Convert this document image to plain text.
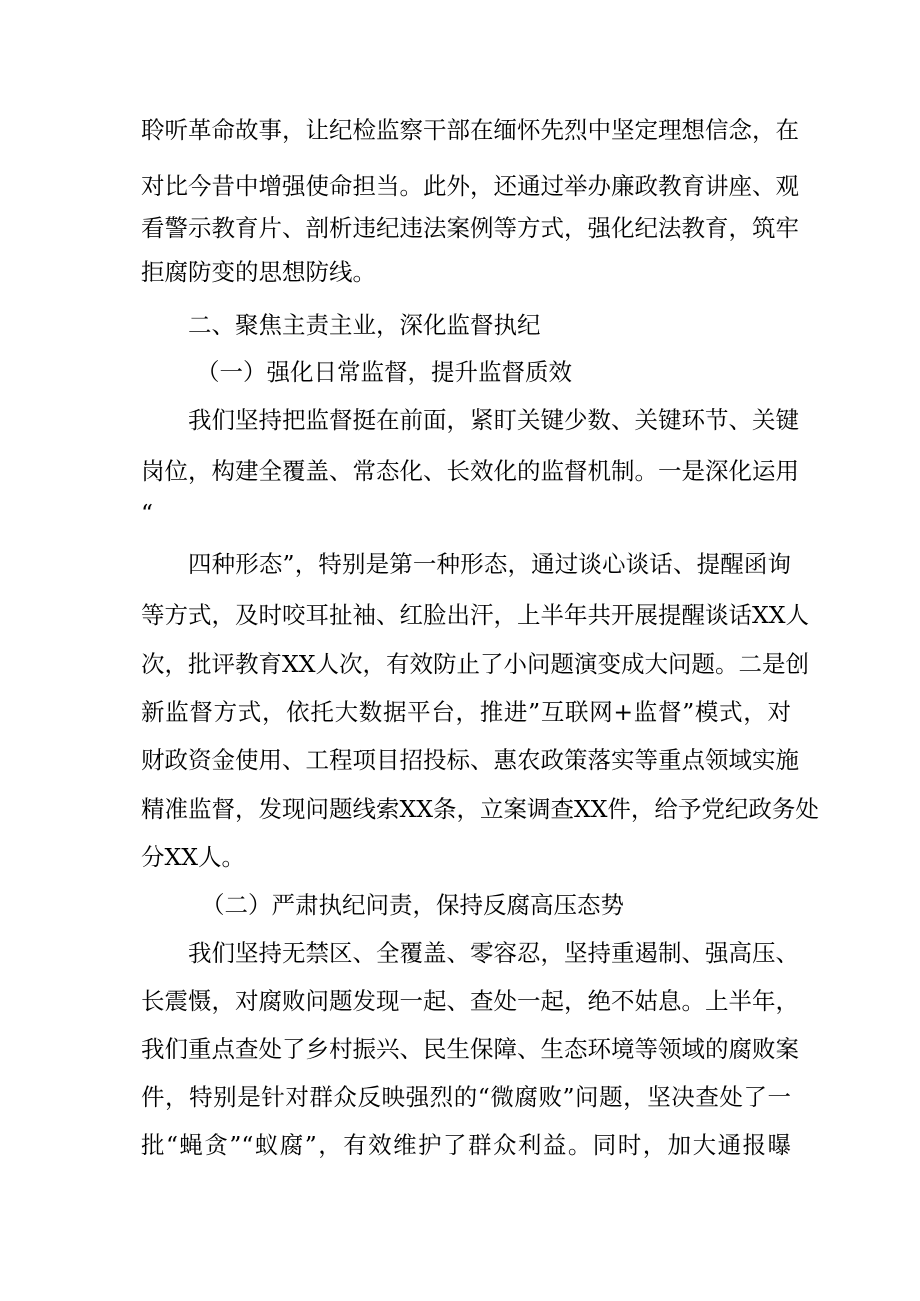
聆听革命故事，让纪检监察干部在缅怀先烈中坚定理想信念，在
对比今昔中增强使命担当。此外，还通过举办廉政教育讲座、观
看警示教育片、剖析违纪违法案例等方式，强化纪法教育，筑牢
拒腐防变的思想防线。
二、聚焦主责主业，深化监督执纪
（一）强化日常监督，提升监督质效
我们坚持把监督挺在前面，紧盯关键少数、关键环节、关键
岗位，构建全覆盖、常态化、长效化的监督机制。一是深化运用
“
四种形态”，特别是第一种形态，通过谈心谈话、提醒函询
等方式，及时咬耳扯袖、红脸出汗，上半年共开展提醒谈话XX人
次，批评教育XX人次，有效防止了小问题演变成大问题。二是创
新监督方式，依托大数据平台，推进”互联网+监督”模式，对
财政资金使用、工程项目招投标、惠农政策落实等重点领域实施
精准监督，发现问题线索XX条，立案调查XX件，给予党纪政务处
分XX人。
（二）严肃执纪问责，保持反腐高压态势
我们坚持无禁区、全覆盖、零容忍，坚持重遏制、强高压、
长震慑，对腐败问题发现一起、查处一起，绝不姑息。上半年，
我们重点查处了乡村振兴、民生保障、生态环境等领域的腐败案
件，特别是针对群众反映强烈的“微腐败”问题，坚决查处了一
批“蝇贪”“蚁腐”，有效维护了群众利益。同时，加大通报曝
